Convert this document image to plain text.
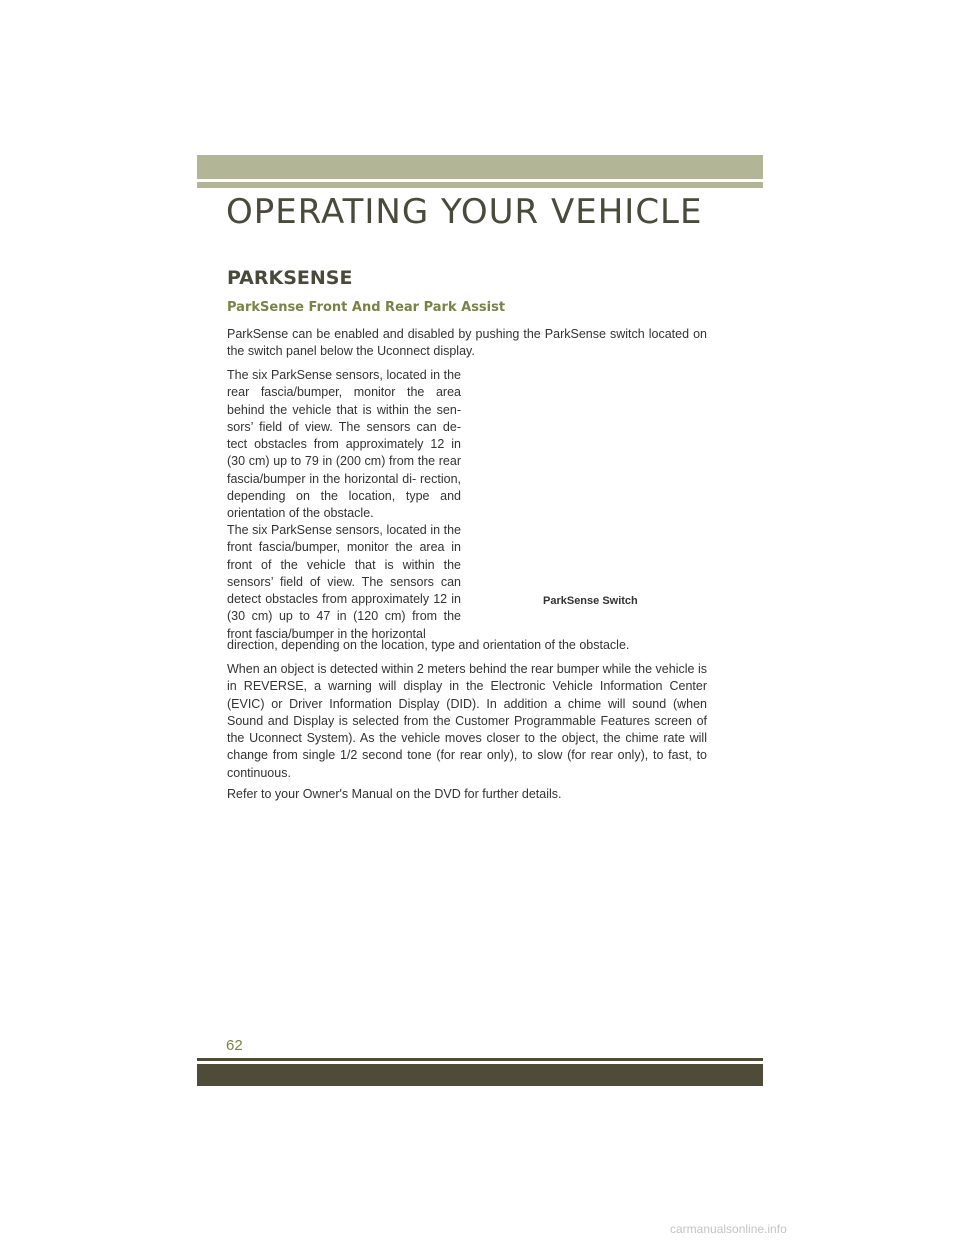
OPERATING YOUR VEHICLE
PARKSENSE
ParkSense Front And Rear Park Assist

ParkSense can be enabled and disabled by pushing the ParkSense switch located on the switch panel below the Uconnect display.

The six ParkSense sensors, located in the rear fascia/bumper, monitor the area behind the vehicle that is within the sen- sors’ field of view. The sensors can de- tect obstacles from approximately 12 in (30 cm) up to 79 in (200 cm) from the rear fascia/bumper in the horizontal di- rection, depending on the location, type and orientation of the obstacle.

The six ParkSense sensors, located in the front fascia/bumper, monitor the area in front of the vehicle that is within the sensors’ field of view. The sensors can detect obstacles from approximately 12 in (30 cm) up to 47 in (120 cm) from the front fascia/bumper in the horizontal

direction, depending on the location, type and orientation of the obstacle.

ParkSense Switch

When an object is detected within 2 meters behind the rear bumper while the vehicle is in REVERSE, a warning will display in the Electronic Vehicle Information Center (EVIC) or Driver Information Display (DID). In addition a chime will sound (when Sound and Display is selected from the Customer Programmable Features screen of the Uconnect System). As the vehicle moves closer to the object, the chime rate will change from single 1/2 second tone (for rear only), to slow (for rear only), to fast, to continuous.

Refer to your Owner's Manual on the DVD for further details.

62

carmanualsonline.info
